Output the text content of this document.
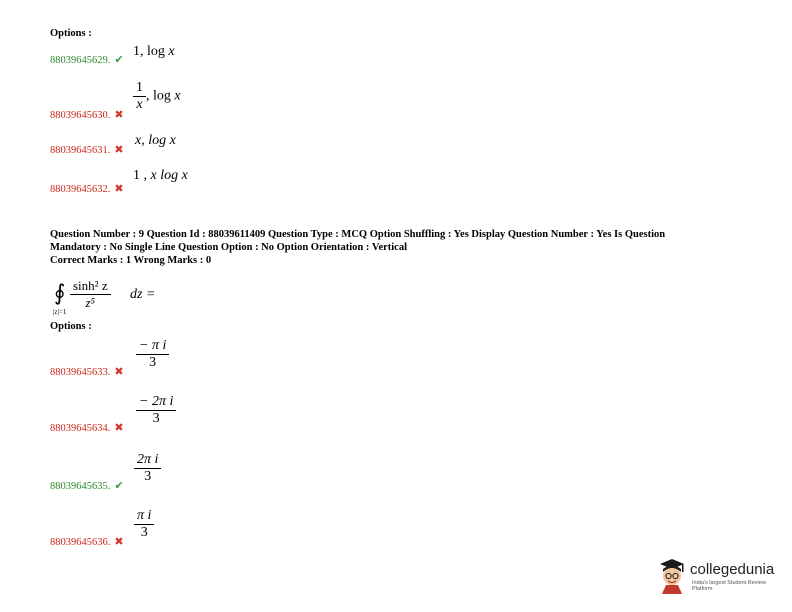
Options :
88039645629. ✔
1, log x
88039645630. ✖
$\frac{1}{x}$ , log x
88039645631. ✖
x, log x
88039645632. ✖
1 , x log x
Question Number : 9 Question Id : 88039611409 Question Type : MCQ Option Shuffling : Yes Display Question Number : Yes Is Question
Mandatory : No Single Line Question Option : No Option Orientation : Vertical
Correct Marks : 1 Wrong Marks : 0
∮
|z|=1
$\frac{\text{sinh² z}}{\text{z⁵}}$ dz =
Options :
88039645633. ✖
$\frac{\text{− π i}}{3}$
88039645634. ✖
$\frac{\text{− 2π i}}{3}$
88039645635. ✔
$\frac{\text{2π i}}{3}$
88039645636. ✖
$\frac{\text{π i}}{3}$
collegedunia
India's largest Student Review Platform
